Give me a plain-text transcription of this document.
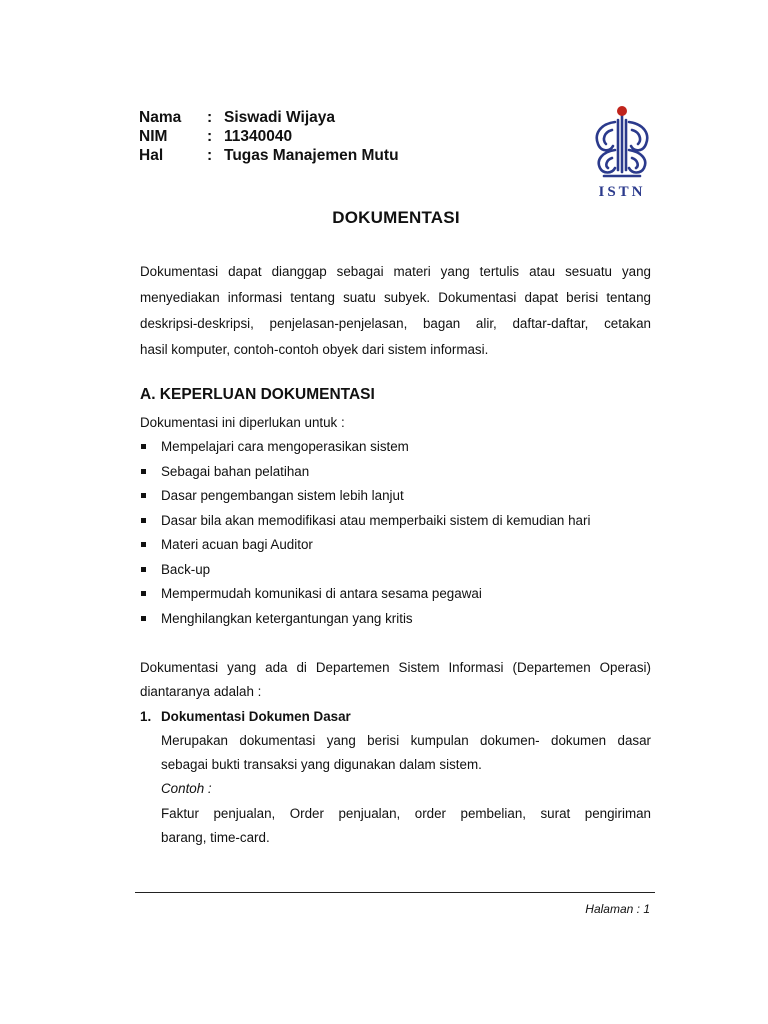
Nama : Siswadi Wijaya
NIM	: 11340040
Hal	: Tugas Manajemen Mutu
ISTN
DOKUMENTASI
Dokumentasi dapat dianggap sebagai materi yang tertulis atau sesuatu yang
menyediakan informasi tentang suatu subyek. Dokumentasi dapat berisi tentang
deskripsi-deskripsi, penjelasan-penjelasan, bagan alir, daftar-daftar, cetakan
hasil komputer, contoh-contoh obyek dari sistem informasi.
A. KEPERLUAN DOKUMENTASI
Dokumentasi ini diperlukan untuk :
Mempelajari cara mengoperasikan sistem
Sebagai bahan pelatihan
Dasar pengembangan sistem lebih lanjut
Dasar bila akan memodifikasi atau memperbaiki sistem di kemudian hari
Materi acuan bagi Auditor
Back-up
Mempermudah komunikasi di antara sesama pegawai
Menghilangkan ketergantungan yang kritis
Dokumentasi yang ada di Departemen Sistem Informasi (Departemen Operasi)
diantaranya adalah :
1. Dokumentasi Dokumen Dasar
Merupakan dokumentasi yang berisi kumpulan dokumen- dokumen dasar
sebagai bukti transaksi yang digunakan dalam sistem.
Contoh :
Faktur penjualan, Order penjualan, order pembelian, surat pengiriman
barang, time-card.
Halaman : 1
